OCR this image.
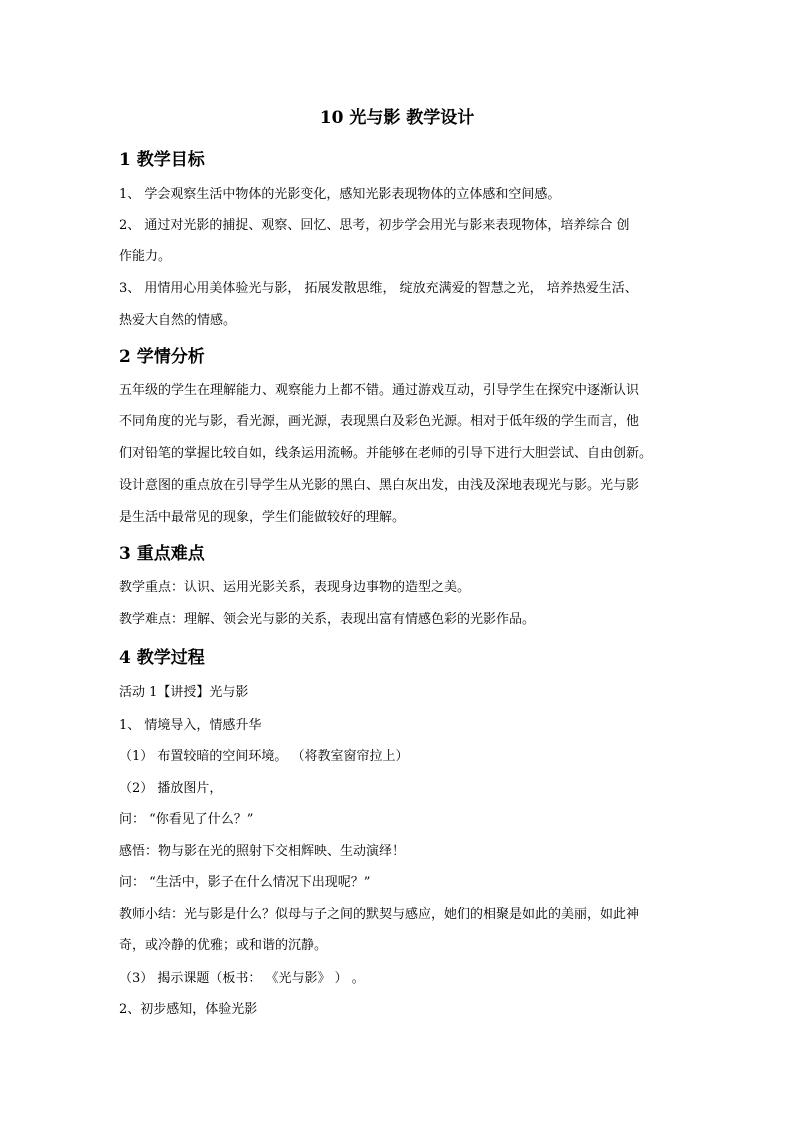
10 光与影 教学设计
1 教学目标
1、 学会观察生活中物体的光影变化，感知光影表现物体的立体感和空间感。
2、 通过对光影的捕捉、观察、回忆、思考，初步学会用光与影来表现物体，培养综合 创
作能力。
3、 用情用心用美体验光与影， 拓展发散思维， 绽放充满爱的智慧之光， 培养热爱生活、
热爱大自然的情感。
2 学情分析
五年级的学生在理解能力、观察能力上都不错。通过游戏互动，引导学生在探究中逐渐认识
不同角度的光与影，看光源，画光源，表现黑白及彩色光源。相对于低年级的学生而言，他
们对铅笔的掌握比较自如，线条运用流畅。并能够在老师的引导下进行大胆尝试、自由创新。
设计意图的重点放在引导学生从光影的黑白、黑白灰出发，由浅及深地表现光与影。光与影
是生活中最常见的现象，学生们能做较好的理解。
3 重点难点
教学重点：认识、运用光影关系，表现身边事物的造型之美。
教学难点：理解、领会光与影的关系，表现出富有情感色彩的光影作品。
4 教学过程
活动 1【讲授】光与影
1、 情境导入，情感升华
（1） 布置较暗的空间环境。 （将教室窗帘拉上）
（2） 播放图片，
问： “你看见了什么？”
感悟：物与影在光的照射下交相辉映、生动演绎！
问： “生活中，影子在什么情况下出现呢？”
教师小结：光与影是什么？似母与子之间的默契与感应，她们的相聚是如此的美丽，如此神
奇，或冷静的优雅；或和谐的沉静。
（3） 揭示课题（板书： 《光与影》 ） 。
2、初步感知，体验光影
